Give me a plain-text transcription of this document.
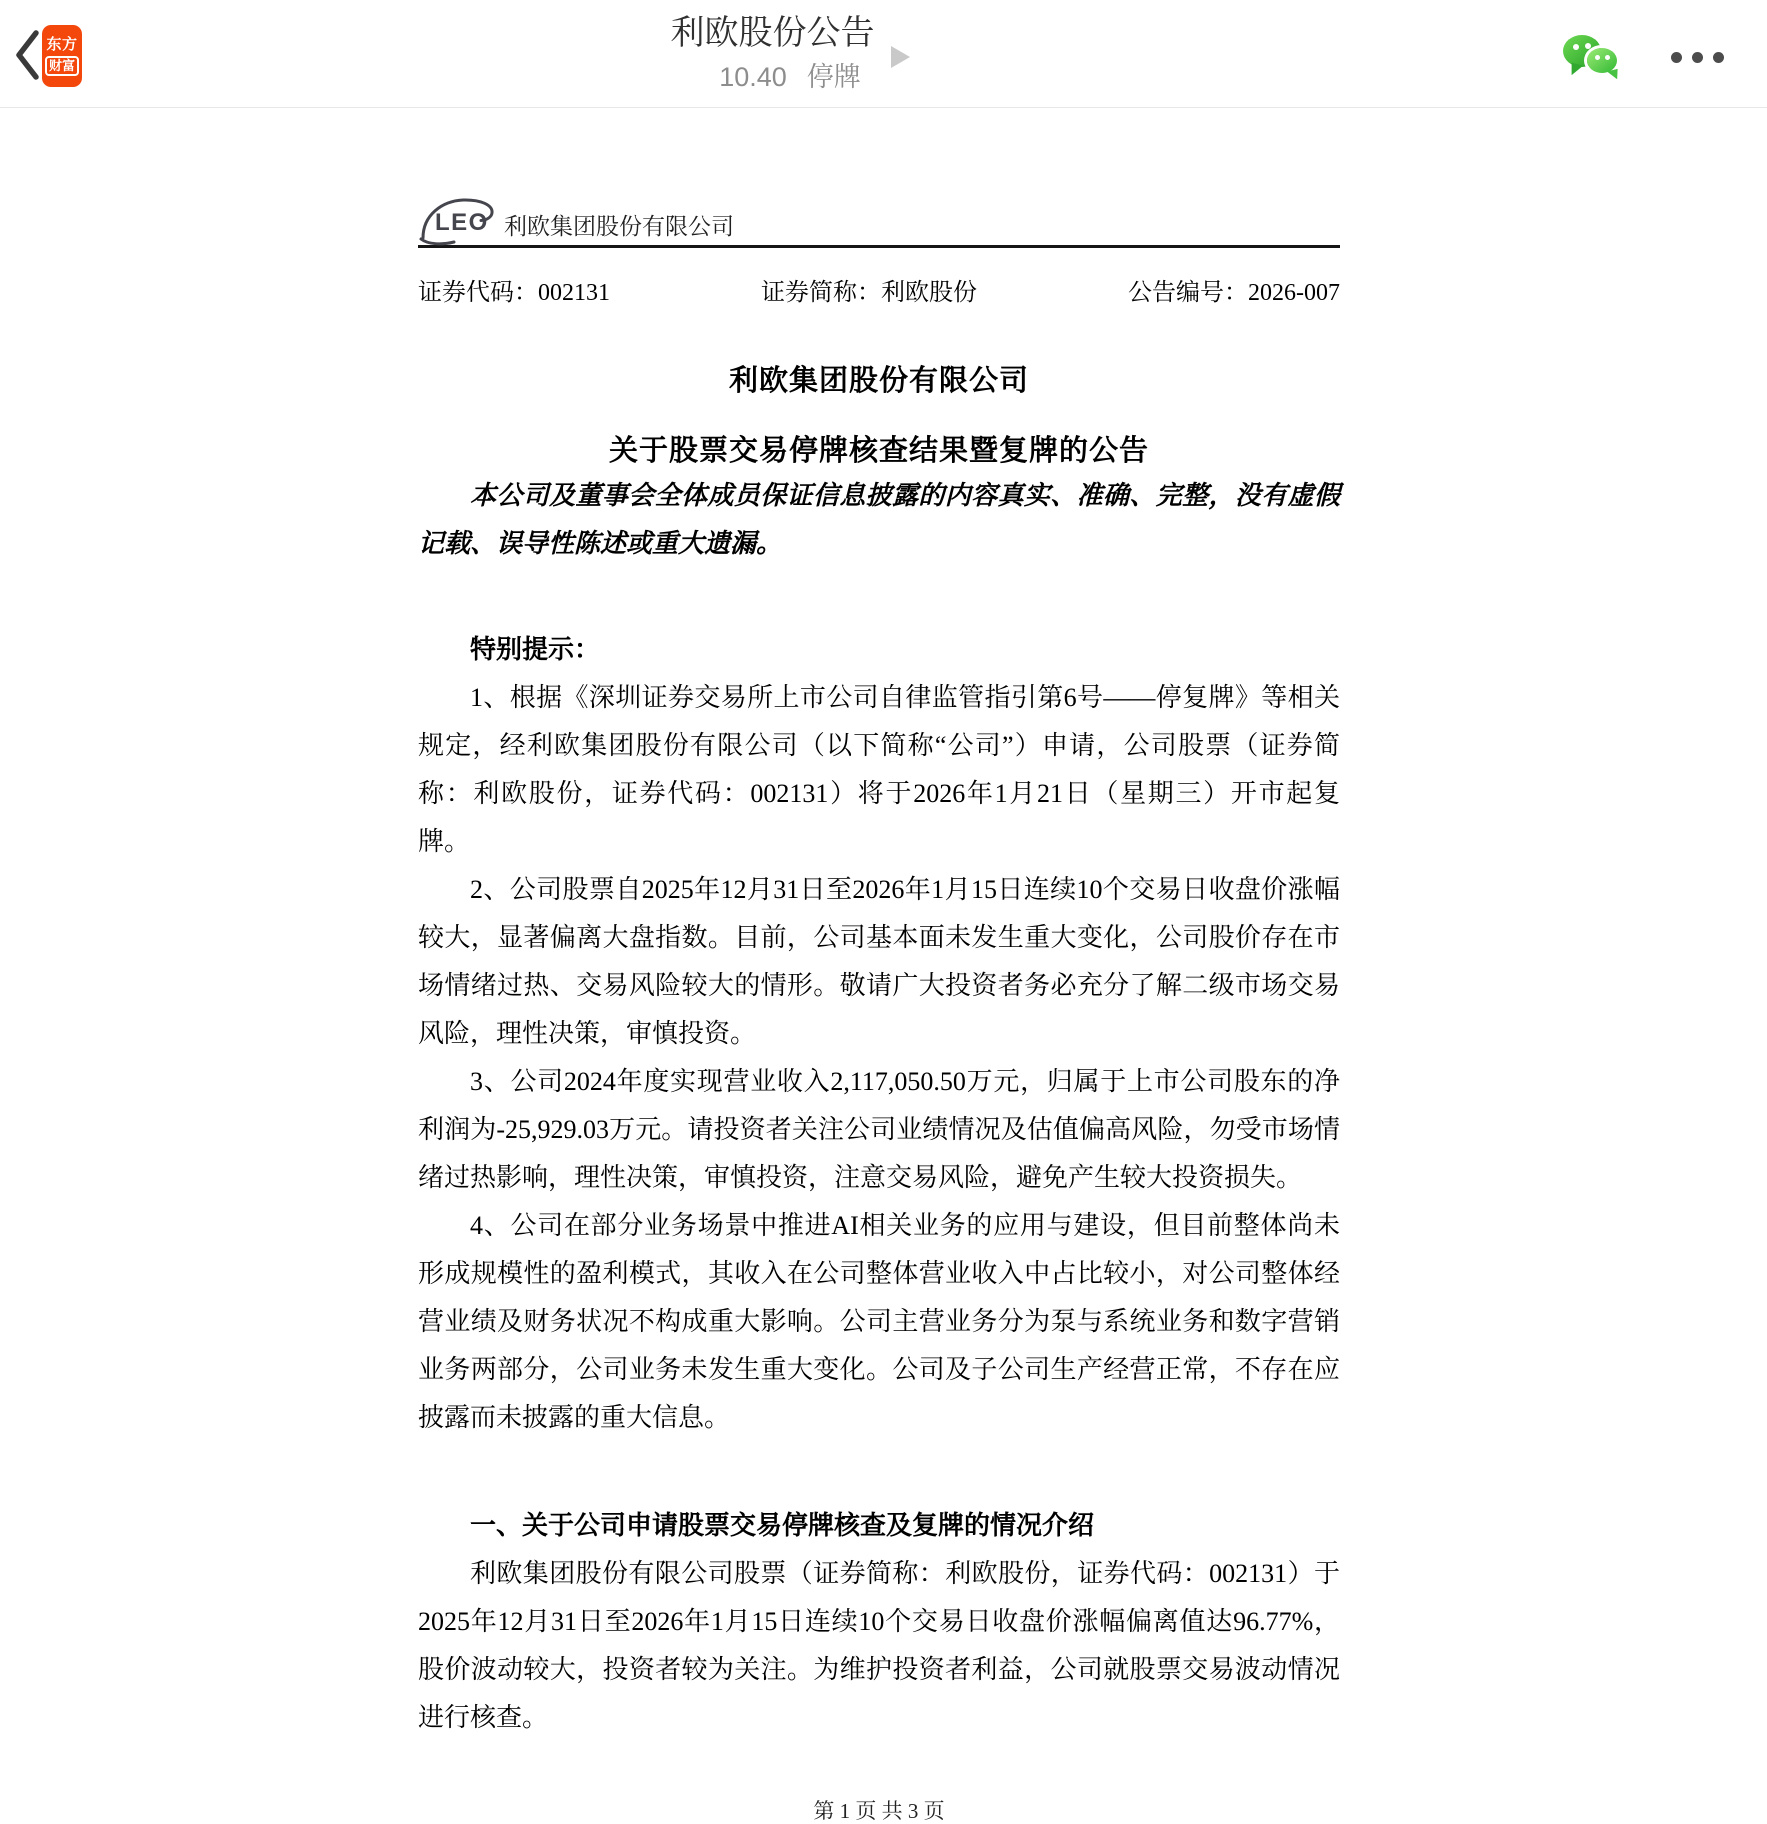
东方
财富
利欧股份公告
10.40 停牌
LEO 利欧集团股份有限公司
证券代码：002131	证券简称：利欧股份	公告编号：2026-007
利欧集团股份有限公司
关于股票交易停牌核查结果暨复牌的公告

本公司及董事会全体成员保证信息披露的内容真实、准确、完整，没有虚假记载、误导性陈述或重大遗漏。

特别提示：

1、根据《深圳证券交易所上市公司自律监管指引第6号——停复牌》等相关规定，经利欧集团股份有限公司（以下简称“公司”）申请，公司股票（证券简称：利欧股份，证券代码：002131）将于2026年1月21日（星期三）开市起复牌。

2、公司股票自2025年12月31日至2026年1月15日连续10个交易日收盘价涨幅较大，显著偏离大盘指数。目前，公司基本面未发生重大变化，公司股价存在市场情绪过热、交易风险较大的情形。敬请广大投资者务必充分了解二级市场交易风险，理性决策，审慎投资。

3、公司2024年度实现营业收入2,117,050.50万元，归属于上市公司股东的净利润为-25,929.03万元。请投资者关注公司业绩情况及估值偏高风险，勿受市场情绪过热影响，理性决策，审慎投资，注意交易风险，避免产生较大投资损失。

4、公司在部分业务场景中推进AI相关业务的应用与建设，但目前整体尚未形成规模性的盈利模式，其收入在公司整体营业收入中占比较小，对公司整体经营业绩及财务状况不构成重大影响。公司主营业务分为泵与系统业务和数字营销业务两部分，公司业务未发生重大变化。公司及子公司生产经营正常，不存在应披露而未披露的重大信息。

一、关于公司申请股票交易停牌核查及复牌的情况介绍

利欧集团股份有限公司股票（证券简称：利欧股份，证券代码：002131）于2025年12月31日至2026年1月15日连续10个交易日收盘价涨幅偏离值达96.77%，股价波动较大，投资者较为关注。为维护投资者利益，公司就股票交易波动情况进行核查。

第 1 页 共 3 页
